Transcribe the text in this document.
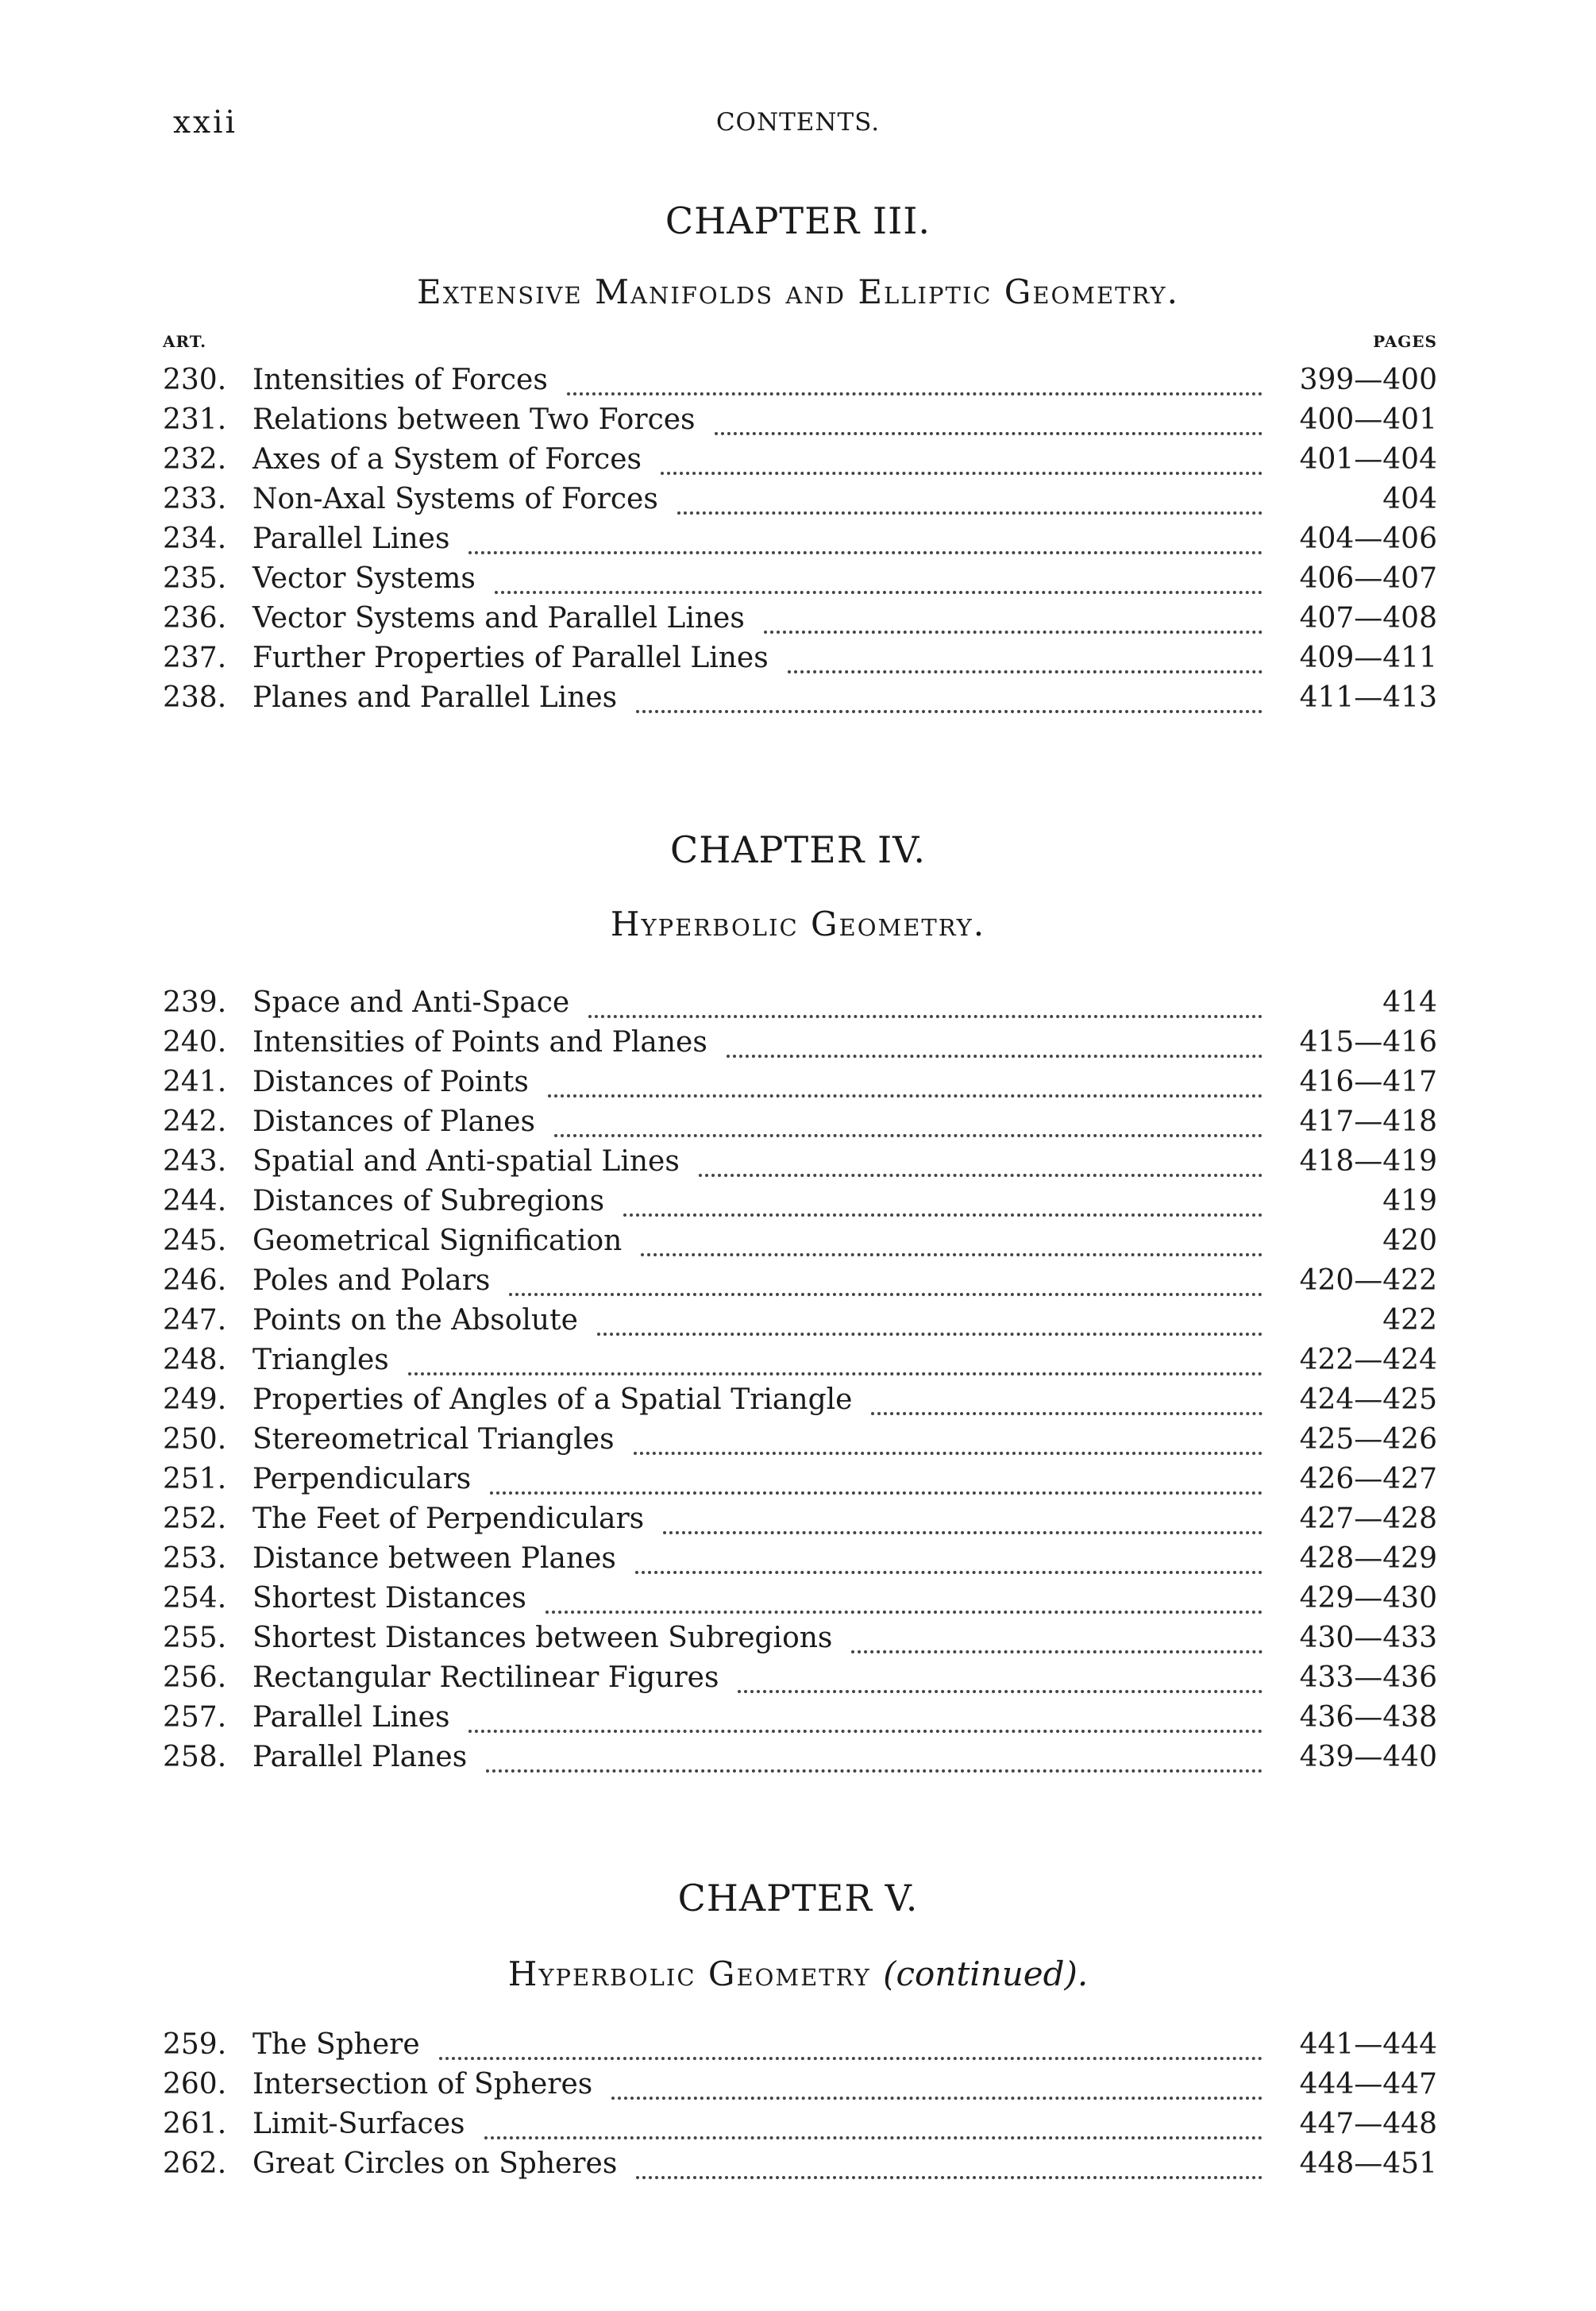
xxii	CONTENTS.
CHAPTER III.
Extensive Manifolds and Elliptic Geometry.
ART.	PAGES
230. Intensities of Forces	399—400
231. Relations between Two Forces	400—401
232. Axes of a System of Forces	401—404
233. Non-Axal Systems of Forces	404
234. Parallel Lines	404—406
235. Vector Systems	406—407
236. Vector Systems and Parallel Lines	407—408
237. Further Properties of Parallel Lines	409—411
238. Planes and Parallel Lines	411—413
CHAPTER IV.
Hyperbolic Geometry.
239. Space and Anti-Space	414
240. Intensities of Points and Planes	415—416
241. Distances of Points	416—417
242. Distances of Planes	417—418
243. Spatial and Anti-spatial Lines	418—419
244. Distances of Subregions	419
245. Geometrical Signification	420
246. Poles and Polars	420—422
247. Points on the Absolute	422
248. Triangles	422—424
249. Properties of Angles of a Spatial Triangle	424—425
250. Stereometrical Triangles	425—426
251. Perpendiculars	426—427
252. The Feet of Perpendiculars	427—428
253. Distance between Planes	428—429
254. Shortest Distances	429—430
255. Shortest Distances between Subregions	430—433
256. Rectangular Rectilinear Figures	433—436
257. Parallel Lines	436—438
258. Parallel Planes	439—440
CHAPTER V.
Hyperbolic Geometry (continued).
259. The Sphere	441—444
260. Intersection of Spheres	444—447
261. Limit-Surfaces	447—448
262. Great Circles on Spheres	448—451
